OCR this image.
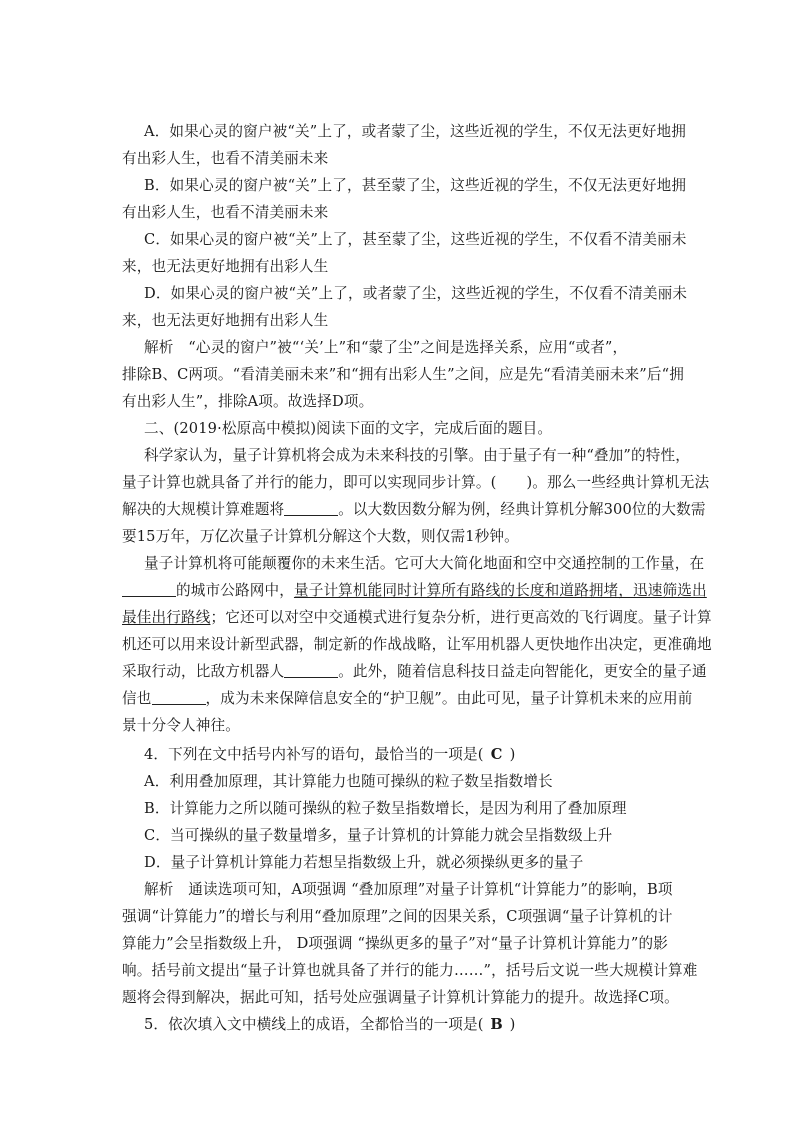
A．如果心灵的窗户被“关”上了，或者蒙了尘，这些近视的学生，不仅无法更好地拥
有出彩人生，也看不清美丽未来
B．如果心灵的窗户被“关”上了，甚至蒙了尘，这些近视的学生，不仅无法更好地拥
有出彩人生，也看不清美丽未来
C．如果心灵的窗户被“关”上了，甚至蒙了尘，这些近视的学生，不仅看不清美丽未
来，也无法更好地拥有出彩人生
D．如果心灵的窗户被“关”上了，或者蒙了尘，这些近视的学生，不仅看不清美丽未
来，也无法更好地拥有出彩人生
解析　“心灵的窗户”被“‘关’上”和“蒙了尘”之间是选择关系，应用“或者”，
排除B、C两项。“看清美丽未来”和“拥有出彩人生”之间，应是先“看清美丽未来”后“拥
有出彩人生”，排除A项。故选择D项。
二、(2019·松原高中模拟)阅读下面的文字，完成后面的题目。
科学家认为，量子计算机将会成为未来科技的引擎。由于量子有一种“叠加”的特性，
量子计算也就具备了并行的能力，即可以实现同步计算。( )。那么一些经典计算机无法
解决的大规模计算难题将	。以大数因数分解为例，经典计算机分解300位的大数需
要15万年，万亿次量子计算机分解这个大数，则仅需1秒钟。
量子计算机将可能颠覆你的未来生活。它可大大简化地面和空中交通控制的工作量，在
的城市公路网中，量子计算机能同时计算所有路线的长度和道路拥堵，迅速筛选出
最佳出行路线；它还可以对空中交通模式进行复杂分析，进行更高效的飞行调度。量子计算
机还可以用来设计新型武器，制定新的作战战略，让军用机器人更快地作出决定，更准确地
采取行动，比敌方机器人	。此外，随着信息科技日益走向智能化，更安全的量子通
信也	，成为未来保障信息安全的“护卫舰”。由此可见，量子计算机未来的应用前
景十分令人神往。
4．下列在文中括号内补写的语句，最恰当的一项是( C )
A．利用叠加原理，其计算能力也随可操纵的粒子数呈指数增长
B．计算能力之所以随可操纵的粒子数呈指数增长，是因为利用了叠加原理
C．当可操纵的量子数量增多，量子计算机的计算能力就会呈指数级上升
D．量子计算机计算能力若想呈指数级上升，就必须操纵更多的量子
解析　通读选项可知，A项强调 “叠加原理”对量子计算机“计算能力”的影响，B项
强调“计算能力”的增长与利用“叠加原理”之间的因果关系，C项强调“量子计算机的计
算能力”会呈指数级上升， D项强调 “操纵更多的量子”对“量子计算机计算能力”的影
响。括号前文提出“量子计算也就具备了并行的能力……”，括号后文说一些大规模计算难
题将会得到解决，据此可知，括号处应强调量子计算机计算能力的提升。故选择C项。
5．依次填入文中横线上的成语，全都恰当的一项是( B )
